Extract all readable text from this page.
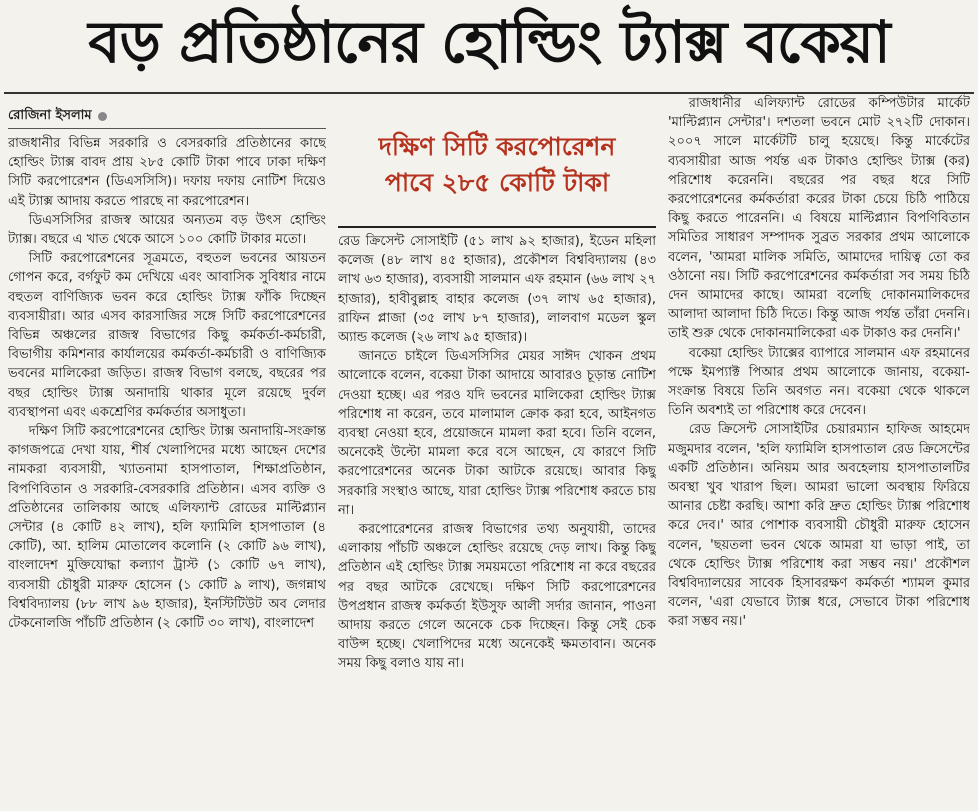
বড় প্রতিষ্ঠানের হোল্ডিং ট্যাক্স বকেয়া
রোজিনা ইসলাম

রাজধানীর বিভিন্ন সরকারি ও বেসরকারি প্রতিষ্ঠানের কাছে হোল্ডিং ট্যাক্স বাবদ প্রায় ২৮৫ কোটি টাকা পাবে ঢাকা দক্ষিণ সিটি করপোরেশন (ডিএসসিসি)। দফায় দফায় নোটিশ দিয়েও এই ট্যাক্স আদায় করতে পারছে না করপোরেশন।

ডিএসসিসির রাজস্ব আয়ের অন্যতম বড় উৎস হোল্ডিং ট্যাক্স। বছরে এ খাত থেকে আসে ১০০ কোটি টাকার মতো।

সিটি করপোরেশনের সূত্রমতে, বহুতল ভবনের আয়তন গোপন করে, বর্গফুট কম দেখিয়ে এবং আবাসিক সুবিধার নামে বহুতল বাণিজ্যিক ভবন করে হোল্ডিং ট্যাক্স ফাঁকি দিচ্ছেন ব্যবসায়ীরা। আর এসব কারসাজির সঙ্গে সিটি করপোরেশনের বিভিন্ন অঞ্চলের রাজস্ব বিভাগের কিছু কর্মকর্তা-কর্মচারী, বিভাগীয় কমিশনার কার্যালয়ের কর্মকর্তা-কর্মচারী ও বাণিজ্যিক ভবনের মালিকেরা জড়িত। রাজস্ব বিভাগ বলছে, বছরের পর বছর হোল্ডিং ট্যাক্স অনাদায়ি থাকার মূলে রয়েছে দুর্বল ব্যবস্থাপনা এবং একশ্রেণির কর্মকর্তার অসাধুতা।

দক্ষিণ সিটি করপোরেশনের হোল্ডিং ট্যাক্স অনাদায়ি-সংক্রান্ত কাগজপত্রে দেখা যায়, শীর্ষ খেলাপিদের মধ্যে আছেন দেশের নামকরা ব্যবসায়ী, খ্যাতনামা হাসপাতাল, শিক্ষাপ্রতিষ্ঠান, বিপণিবিতান ও সরকারি-বেসরকারি প্রতিষ্ঠান। এসব ব্যক্তি ও প্রতিষ্ঠানের তালিকায় আছে এলিফ্যান্ট রোডের মাল্টিপ্ল্যান সেন্টার (৪ কোটি ৪২ লাখ), হলি ফ্যামিলি হাসপাতাল (৪ কোটি), আ. হালিম মোতালেব কলোনি (২ কোটি ৯৬ লাখ), বাংলাদেশ মুক্তিযোদ্ধা কল্যাণ ট্রাস্ট (১ কোটি ৬৭ লাখ), ব্যবসায়ী চৌধুরী মারুফ হোসেন (১ কোটি ৯ লাখ), জগন্নাথ বিশ্ববিদ্যালয় (৮৮ লাখ ৯৬ হাজার), ইনস্টিটিউট অব লেদার টেকনোলজি পাঁচটি প্রতিষ্ঠান (২ কোটি ৩০ লাখ), বাংলাদেশ

দক্ষিণ সিটি করপোরেশন
পাবে ২৮৫ কোটি টাকা

রেড ক্রিসেন্ট সোসাইটি (৫১ লাখ ৯২ হাজার), ইডেন মহিলা কলেজ (৪৮ লাখ ৪৫ হাজার), প্রকৌশল বিশ্ববিদ্যালয় (৪৩ লাখ ৬৩ হাজার), ব্যবসায়ী সালমান এফ রহমান (৬৬ লাখ ২৭ হাজার), হাবীবুল্লাহ বাহার কলেজ (৩৭ লাখ ৬৫ হাজার), রাফিন প্লাজা (৩৫ লাখ ৮৭ হাজার), লালবাগ মডেল স্কুল অ্যান্ড কলেজ (২৬ লাখ ৯৫ হাজার)।

জানতে চাইলে ডিএসসিসির মেয়র সাঈদ খোকন প্রথম আলোকে বলেন, বকেয়া টাকা আদায়ে আবারও চূড়ান্ত নোটিশ দেওয়া হচ্ছে। এর পরও যদি ভবনের মালিকেরা হোল্ডিং ট্যাক্স পরিশোধ না করেন, তবে মালামাল ক্রোক করা হবে, আইনগত ব্যবস্থা নেওয়া হবে, প্রয়োজনে মামলা করা হবে। তিনি বলেন, অনেকেই উল্টো মামলা করে বসে আছেন, যে কারণে সিটি করপোরেশনের অনেক টাকা আটকে রয়েছে। আবার কিছু সরকারি সংস্থাও আছে, যারা হোল্ডিং ট্যাক্স পরিশোধ করতে চায় না।

করপোরেশনের রাজস্ব বিভাগের তথ্য অনুযায়ী, তাদের এলাকায় পাঁচটি অঞ্চলে হোল্ডিং রয়েছে দেড় লাখ। কিন্তু কিছু প্রতিষ্ঠান এই হোল্ডিং ট্যাক্স সময়মতো পরিশোধ না করে বছরের পর বছর আটকে রেখেছে। দক্ষিণ সিটি করপোরেশনের উপপ্রধান রাজস্ব কর্মকর্তা ইউসুফ আলী সর্দার জানান, পাওনা আদায় করতে গেলে অনেকে চেক দিচ্ছেন। কিন্তু সেই চেক বাউন্স হচ্ছে। খেলাপিদের মধ্যে অনেকেই ক্ষমতাবান। অনেক সময় কিছু বলাও যায় না।

রাজধানীর এলিফ্যান্ট রোডের কম্পিউটার মার্কেট 'মাল্টিপ্ল্যান সেন্টার'। দশতলা ভবনে মোট ২৭২টি দোকান। ২০০৭ সালে মার্কেটটি চালু হয়েছে। কিন্তু মার্কেটের ব্যবসায়ীরা আজ পর্যন্ত এক টাকাও হোল্ডিং ট্যাক্স (কর) পরিশোধ করেননি। বছরের পর বছর ধরে সিটি করপোরেশনের কর্মকর্তারা করের টাকা চেয়ে চিঠি পাঠিয়ে কিছু করতে পারেননি। এ বিষয়ে মাল্টিপ্ল্যান বিপণিবিতান সমিতির সাধারণ সম্পাদক সুব্রত সরকার প্রথম আলোকে বলেন, 'আমরা মালিক সমিতি, আমাদের দায়িত্ব তো কর ওঠানো নয়। সিটি করপোরেশনের কর্মকর্তারা সব সময় চিঠি দেন আমাদের কাছে। আমরা বলেছি দোকানমালিকদের আলাদা আলাদা চিঠি দিতে। কিন্তু আজ পর্যন্ত তাঁরা দেননি। তাই শুরু থেকে দোকানমালিকেরা এক টাকাও কর দেননি।'

বকেয়া হোল্ডিং ট্যাক্সের ব্যাপারে সালমান এফ রহমানের পক্ষে ইমপ্যাক্ট পিআর প্রথম আলোকে জানায়, বকেয়া-সংক্রান্ত বিষয়ে তিনি অবগত নন। বকেয়া থেকে থাকলে তিনি অবশ্যই তা পরিশোধ করে দেবেন।

রেড ক্রিসেন্ট সোসাইটির চেয়ারম্যান হাফিজ আহমেদ মজুমদার বলেন, 'হলি ফ্যামিলি হাসপাতাল রেড ক্রিসেন্টের একটি প্রতিষ্ঠান। অনিয়ম আর অবহেলায় হাসপাতালটির অবস্থা খুব খারাপ ছিল। আমরা ভালো অবস্থায় ফিরিয়ে আনার চেষ্টা করছি। আশা করি দ্রুত হোল্ডিং ট্যাক্স পরিশোধ করে দেব।' আর পোশাক ব্যবসায়ী চৌধুরী মারুফ হোসেন বলেন, 'ছয়তলা ভবন থেকে আমরা যা ভাড়া পাই, তা থেকে হোল্ডিং ট্যাক্স পরিশোধ করা সম্ভব নয়।' প্রকৌশল বিশ্ববিদ্যালয়ের সাবেক হিসাবরক্ষণ কর্মকর্তা শ্যামল কুমার বলেন, 'এরা যেভাবে ট্যাক্স ধরে, সেভাবে টাকা পরিশোধ করা সম্ভব নয়।'
